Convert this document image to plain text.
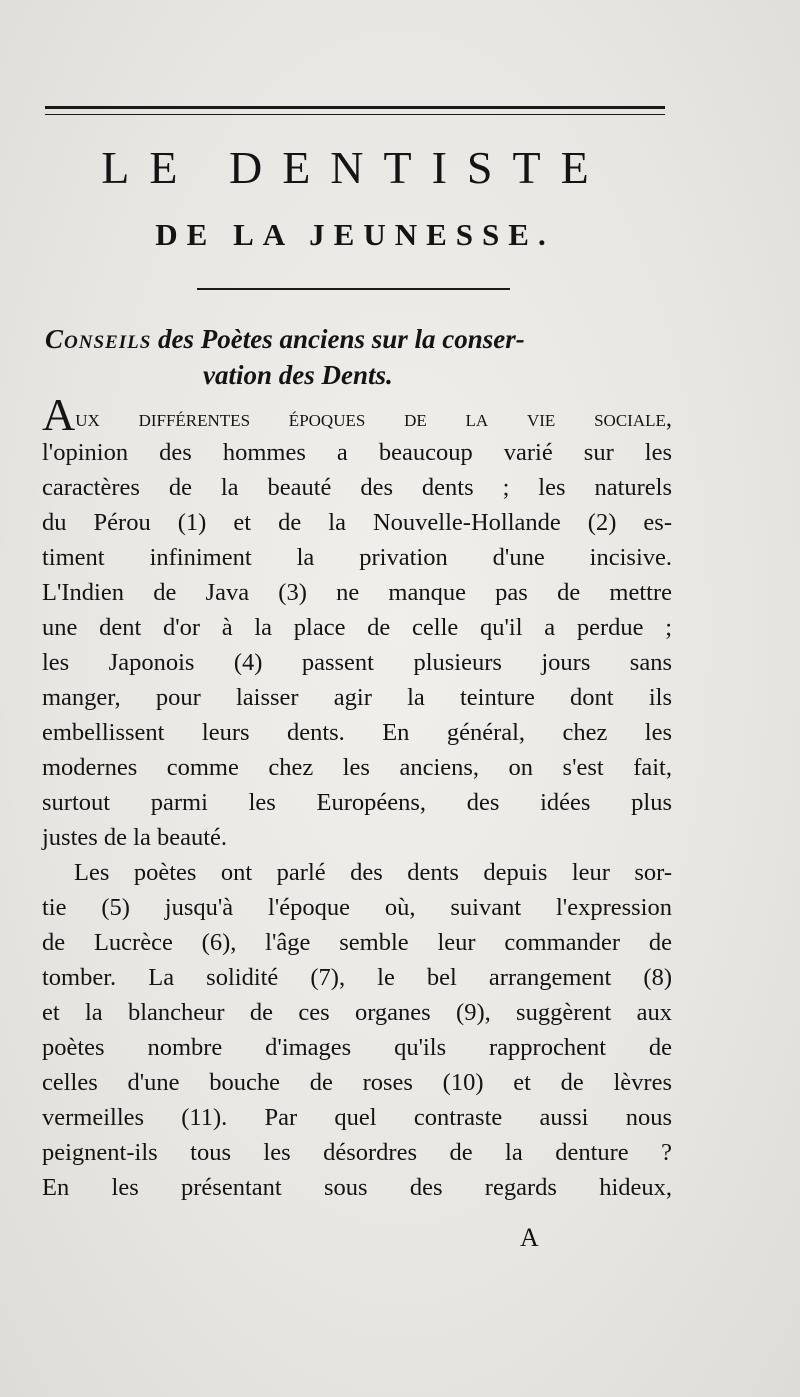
LE DENTISTE
DE LA JEUNESSE.
Conseils des Poètes anciens sur la conser-
vation des Dents.
Aux différentes époques de la vie sociale,
l'opinion des hommes a beaucoup varié sur les
caractères de la beauté des dents ; les naturels
du Pérou (1) et de la Nouvelle-Hollande (2) es-
timent infiniment la privation d'une incisive.
L'Indien de Java (3) ne manque pas de mettre
une dent d'or à la place de celle qu'il a perdue ;
les Japonois (4) passent plusieurs jours sans
manger, pour laisser agir la teinture dont ils
embellissent leurs dents. En général, chez les
modernes comme chez les anciens, on s'est fait,
surtout parmi les Européens, des idées plus
justes de la beauté.
Les poètes ont parlé des dents depuis leur sor-
tie (5) jusqu'à l'époque où, suivant l'expression
de Lucrèce (6), l'âge semble leur commander de
tomber. La solidité (7), le bel arrangement (8)
et la blancheur de ces organes (9), suggèrent aux
poètes nombre d'images qu'ils rapprochent de
celles d'une bouche de roses (10) et de lèvres
vermeilles (11). Par quel contraste aussi nous
peignent-ils tous les désordres de la denture ?
En les présentant sous des regards hideux,
A
